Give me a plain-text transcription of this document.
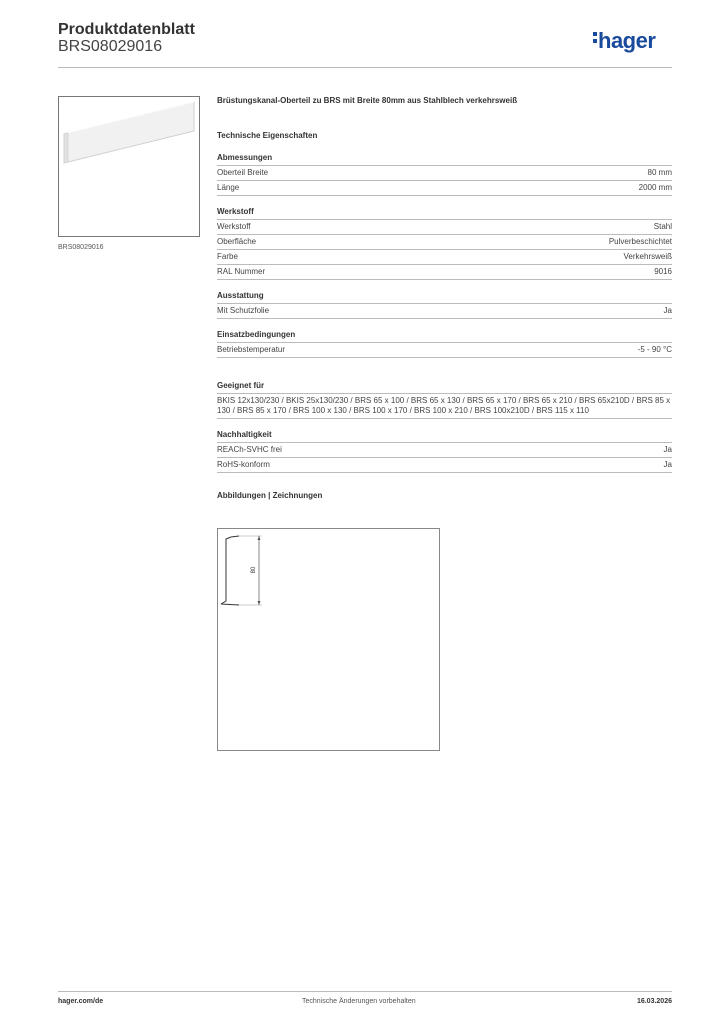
Produktdatenblatt
BRS08029016	hager
BRS08029016
Brüstungskanal-Oberteil zu BRS mit Breite 80mm aus Stahlblech verkehrsweiß
Technische Eigenschaften
Abmessungen
Oberteil Breite	80 mm
Länge	2000 mm
Werkstoff
Werkstoff	Stahl
Oberfläche	Pulverbeschichtet
Farbe	Verkehrsweiß
RAL Nummer	9016
Ausstattung
Mit Schutzfolie	Ja
Einsatzbedingungen
Betriebstemperatur	-5 - 90 °C
Geeignet für
BKIS 12x130/230 / BKIS 25x130/230 / BRS 65 x 100 / BRS 65 x 130 / BRS 65 x 170 / BRS 65 x 210 / BRS 65x210D / BRS 85 x 130 / BRS 85 x 170 / BRS 100 x 130 / BRS 100 x 170 / BRS 100 x 210 / BRS 100x210D / BRS 115 x 110
Nachhaltigkeit
REACh-SVHC frei	Ja
RoHS-konform	Ja
Abbildungen | Zeichnungen
80
hager.com/de	Technische Änderungen vorbehalten	16.03.2026
